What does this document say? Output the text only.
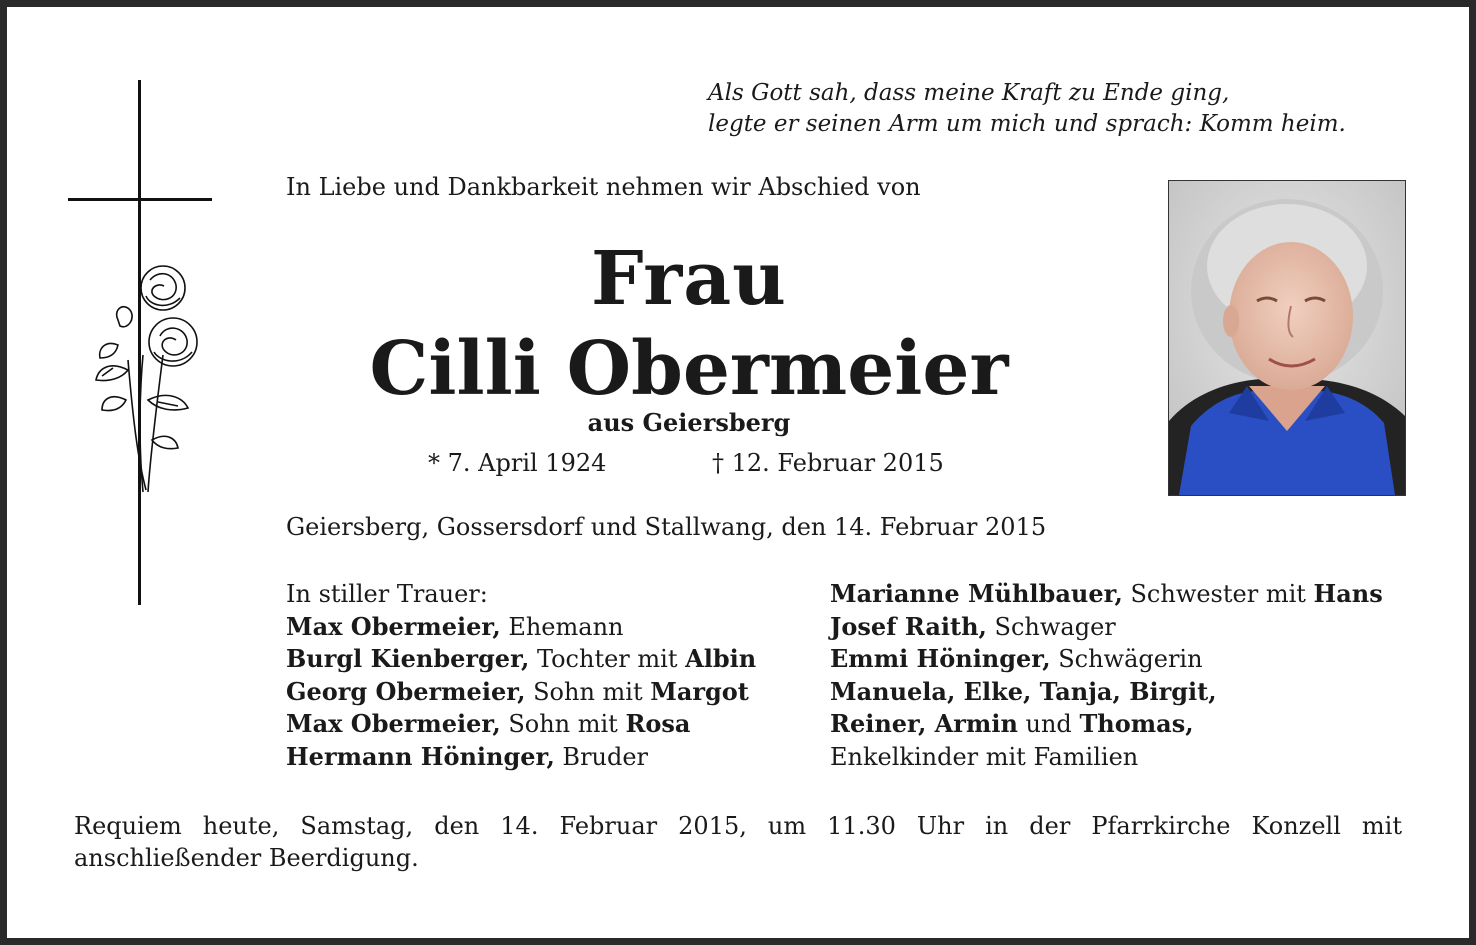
Als Gott sah, dass meine Kraft zu Ende ging,
legte er seinen Arm um mich und sprach: Komm heim.
In Liebe und Dankbarkeit nehmen wir Abschied von
Frau
Cilli Obermeier
aus Geiersberg
* 7. April 1924	† 12. Februar 2015
Geiersberg, Gossersdorf und Stallwang, den 14. Februar 2015
In stiller Trauer:
Max Obermeier, Ehemann
Burgl Kienberger, Tochter mit Albin
Georg Obermeier, Sohn mit Margot
Max Obermeier, Sohn mit Rosa
Hermann Höninger, Bruder
Marianne Mühlbauer, Schwester mit Hans
Josef Raith, Schwager
Emmi Höninger, Schwägerin
Manuela, Elke, Tanja, Birgit,
Reiner, Armin und Thomas,
Enkelkinder mit Familien
Requiem heute, Samstag, den 14. Februar 2015, um 11.30 Uhr in der Pfarrkirche Konzell mit anschließender Beerdigung.
